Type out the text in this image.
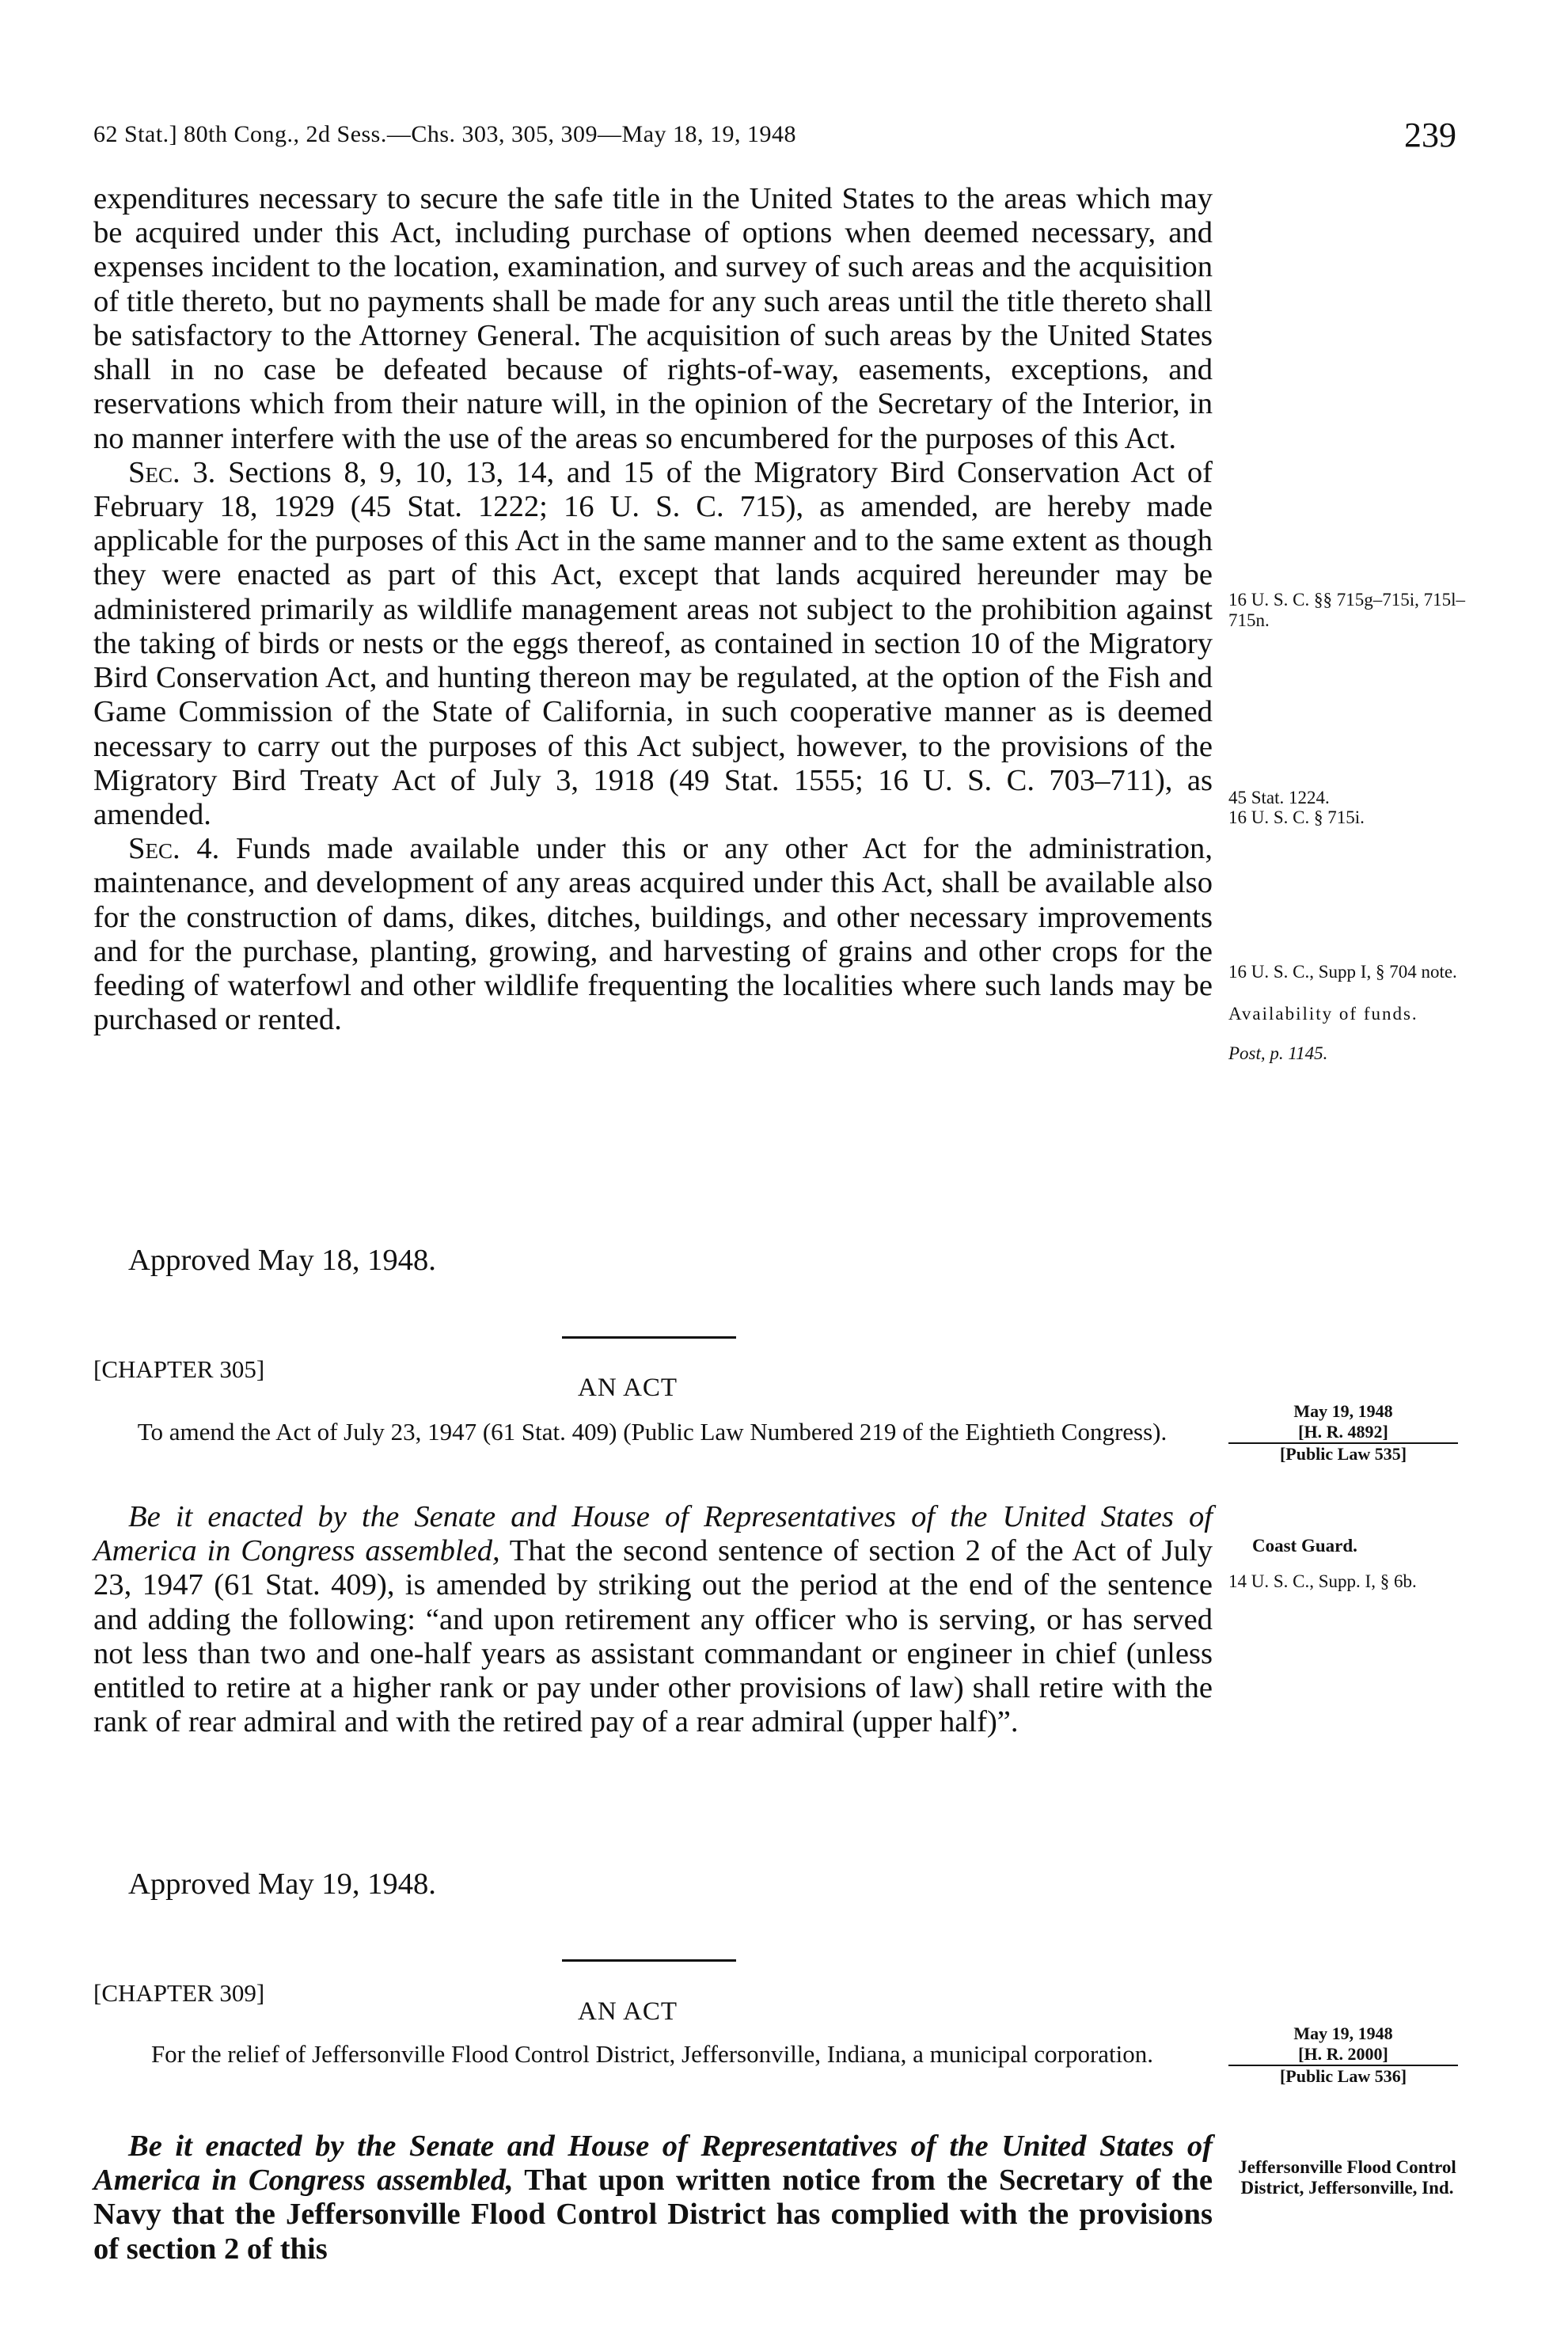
62 Stat.] 80th Cong., 2d Sess.—Chs. 303, 305, 309—May 18, 19, 1948	239

expenditures necessary to secure the safe title in the United States to the areas which may be acquired under this Act, including purchase of options when deemed necessary, and expenses incident to the location, examination, and survey of such areas and the acquisition of title thereto, but no payments shall be made for any such areas until the title thereto shall be satisfactory to the Attorney General. The acquisition of such areas by the United States shall in no case be defeated because of rights-of-way, easements, exceptions, and reservations which from their nature will, in the opinion of the Secretary of the Interior, in no manner interfere with the use of the areas so encumbered for the purposes of this Act.

Sec. 3. Sections 8, 9, 10, 13, 14, and 15 of the Migratory Bird Conservation Act of February 18, 1929 (45 Stat. 1222; 16 U. S. C. 715), as amended, are hereby made applicable for the purposes of this Act in the same manner and to the same extent as though they were enacted as part of this Act, except that lands acquired hereunder may be administered primarily as wildlife management areas not subject to the prohibition against the taking of birds or nests or the eggs thereof, as contained in section 10 of the Migratory Bird Conservation Act, and hunting thereon may be regulated, at the option of the Fish and Game Commission of the State of California, in such cooperative manner as is deemed necessary to carry out the purposes of this Act subject, however, to the provisions of the Migratory Bird Treaty Act of July 3, 1918 (49 Stat. 1555; 16 U. S. C. 703–711), as amended.

Sec. 4. Funds made available under this or any other Act for the administration, maintenance, and development of any areas acquired under this Act, shall be available also for the construction of dams, dikes, ditches, buildings, and other necessary improvements and for the purchase, planting, growing, and harvesting of grains and other crops for the feeding of waterfowl and other wildlife frequenting the localities where such lands may be purchased or rented.

Approved May 18, 1948.
16 U. S. C. §§ 715g–715i, 715l–715n.
45 Stat. 1224.
16 U. S. C. § 715i.
16 U. S. C., Supp I, § 704 note.
Availability of funds.
Post, p. 1145.
[CHAPTER 305]
AN ACT
To amend the Act of July 23, 1947 (61 Stat. 409) (Public Law Numbered 219 of the Eightieth Congress).
May 19, 1948

[H. R. 4892]
[Public Law 535]

Be it enacted by the Senate and House of Representatives of the United States of America in Congress assembled, That the second sentence of section 2 of the Act of July 23, 1947 (61 Stat. 409), is amended by striking out the period at the end of the sentence and adding the following: “and upon retirement any officer who is serving, or has served not less than two and one-half years as assistant commandant or engineer in chief (unless entitled to retire at a higher rank or pay under other provisions of law) shall retire with the rank of rear admiral and with the retired pay of a rear admiral (upper half)”.

Approved May 19, 1948.
Coast Guard.
14 U. S. C., Supp. I, § 6b.
[CHAPTER 309]
AN ACT
For the relief of Jeffersonville Flood Control District, Jeffersonville, Indiana, a municipal corporation.
May 19, 1948

[H. R. 2000]
[Public Law 536]

Be it enacted by the Senate and House of Representatives of the United States of America in Congress assembled, That upon written notice from the Secretary of the Navy that the Jeffersonville Flood Control District has complied with the provisions of section 2 of this

Jeffersonville Flood Control District, Jeffersonville, Ind.
